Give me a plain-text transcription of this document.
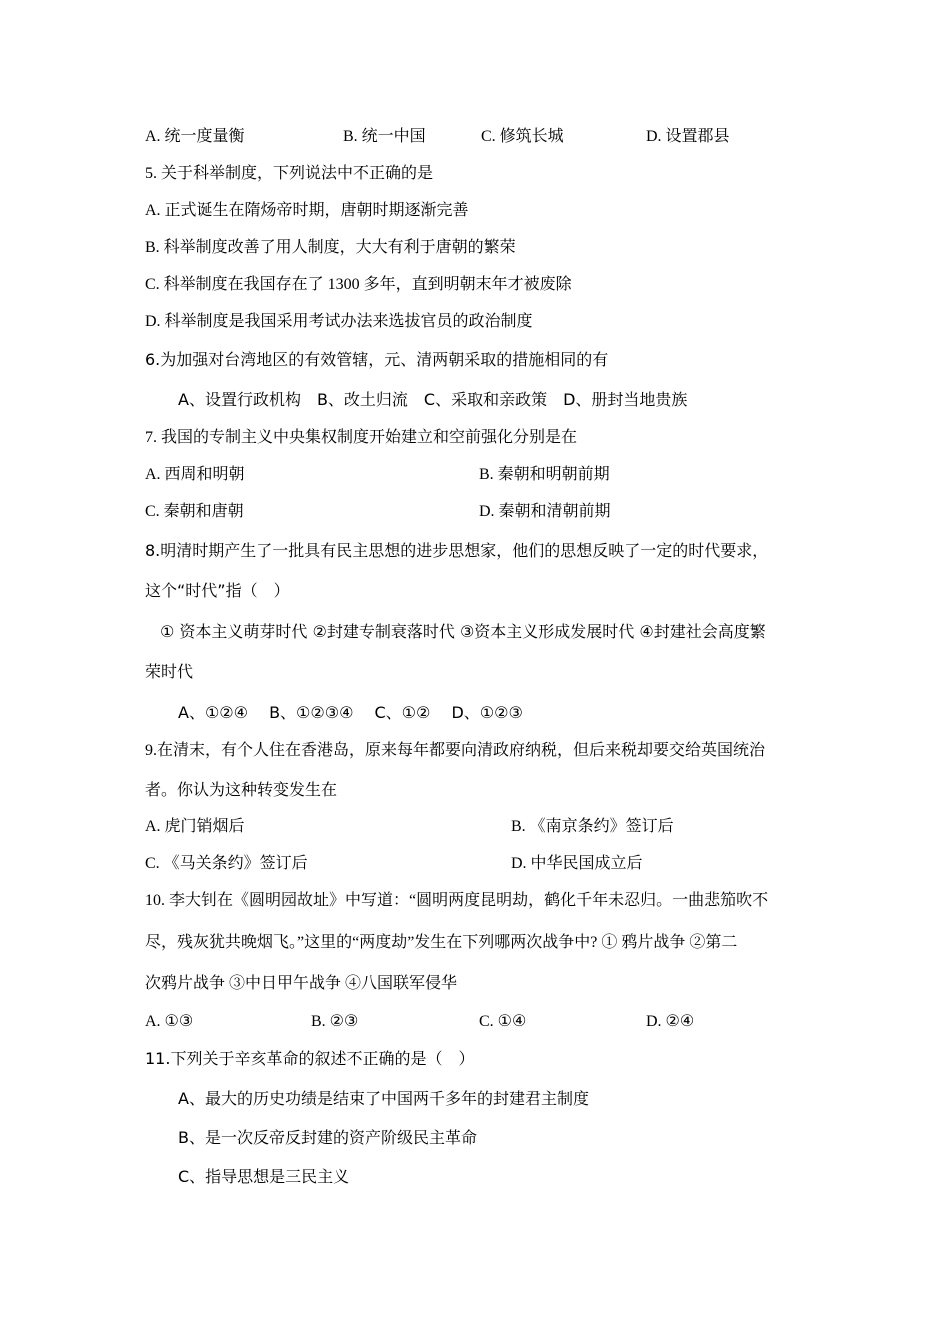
A. 统一度量衡	B. 统一中国	C. 修筑长城	D. 设置郡县
5. 关于科举制度，下列说法中不正确的是
A. 正式诞生在隋炀帝时期，唐朝时期逐渐完善
B. 科举制度改善了用人制度，大大有利于唐朝的繁荣
C. 科举制度在我国存在了 1300 多年，直到明朝末年才被废除
D. 科举制度是我国采用考试办法来选拔官员的政治制度
6.为加强对台湾地区的有效管辖，元、清两朝采取的措施相同的有
A、设置行政机构　B、改土归流　C、采取和亲政策　D、册封当地贵族
7. 我国的专制主义中央集权制度开始建立和空前强化分别是在
A. 西周和明朝	B. 秦朝和明朝前期
C. 秦朝和唐朝	D. 秦朝和清朝前期
8.明清时期产生了一批具有民主思想的进步思想家，他们的思想反映了一定的时代要求，
这个“时代”指（　）
① 资本主义萌芽时代 ②封建专制衰落时代 ③资本主义形成发展时代 ④封建社会高度繁
荣时代
A、①②④　 B、①②③④　 C、①②　 D、①②③
9.在清末，有个人住在香港岛，原来每年都要向清政府纳税，但后来税却要交给英国统治
者。你认为这种转变发生在
A. 虎门销烟后	B. 《南京条约》签订后
C. 《马关条约》签订后	D. 中华民国成立后
10. 李大钊在《圆明园故址》中写道：“圆明两度昆明劫，鹤化千年未忍归。一曲悲笳吹不
尽，残灰犹共晚烟飞。”这里的“两度劫”发生在下列哪两次战争中? ① 鸦片战争 ②第二
次鸦片战争 ③中日甲午战争 ④八国联军侵华
A. ①③	B. ②③	C. ①④	D. ②④
11.下列关于辛亥革命的叙述不正确的是（　）
A、最大的历史功绩是结束了中国两千多年的封建君主制度
B、是一次反帝反封建的资产阶级民主革命
C、指导思想是三民主义
